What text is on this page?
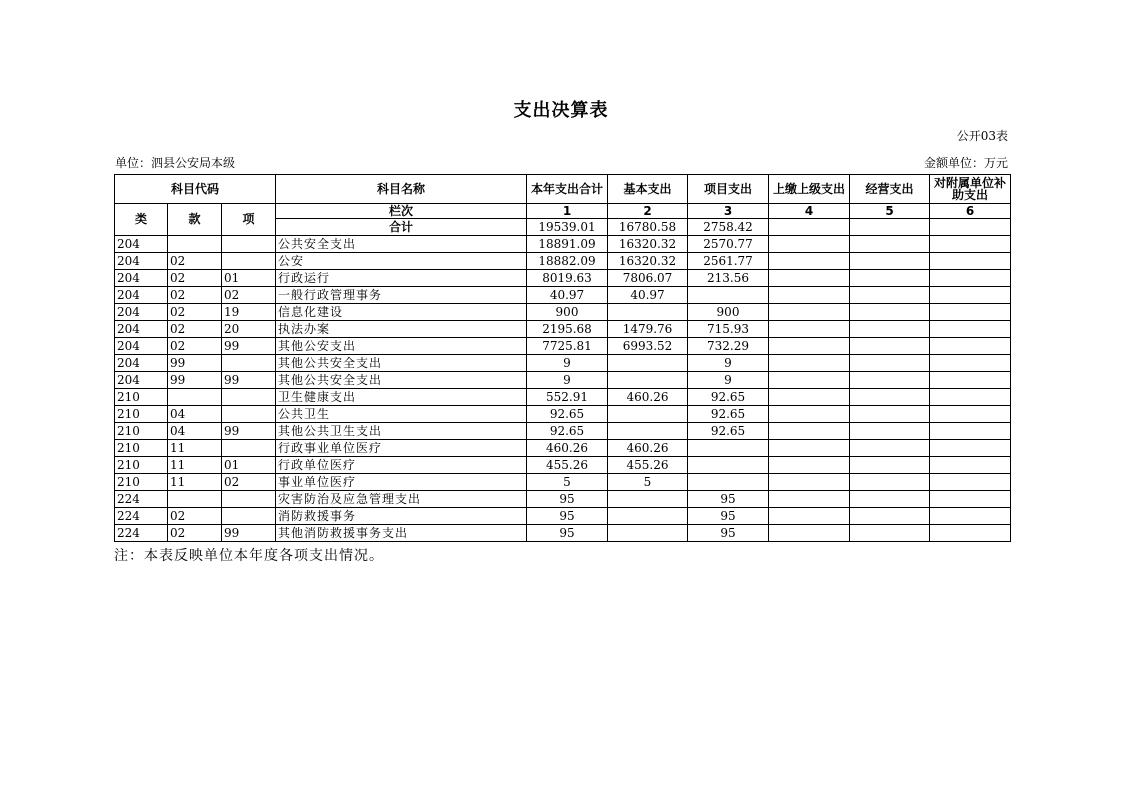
支出决算表
公开03表
单位：泗县公安局本级	金额单位：万元
科目代码			科目名称	本年支出合计	基本支出	项目支出	上缴上级支出	经营支出	对附属单位补助支出
类	款	项	栏次	1	2	3	4	5	6
			合计	19539.01	16780.58	2758.42			
204			公共安全支出	18891.09	16320.32	2570.77			
204	02		公安	18882.09	16320.32	2561.77			
204	02	01	行政运行	8019.63	7806.07	213.56			
204	02	02	一般行政管理事务	40.97	40.97				
204	02	19	信息化建设	900		900			
204	02	20	执法办案	2195.68	1479.76	715.93			
204	02	99	其他公安支出	7725.81	6993.52	732.29			
204	99		其他公共安全支出	9		9			
204	99	99	其他公共安全支出	9		9			
210			卫生健康支出	552.91	460.26	92.65			
210	04		公共卫生	92.65		92.65			
210	04	99	其他公共卫生支出	92.65		92.65			
210	11		行政事业单位医疗	460.26	460.26				
210	11	01	行政单位医疗	455.26	455.26				
210	11	02	事业单位医疗	5	5				
224			灾害防治及应急管理支出	95		95			
224	02		消防救援事务	95		95			
224	02	99	其他消防救援事务支出	95		95			
注：本表反映单位本年度各项支出情况。
